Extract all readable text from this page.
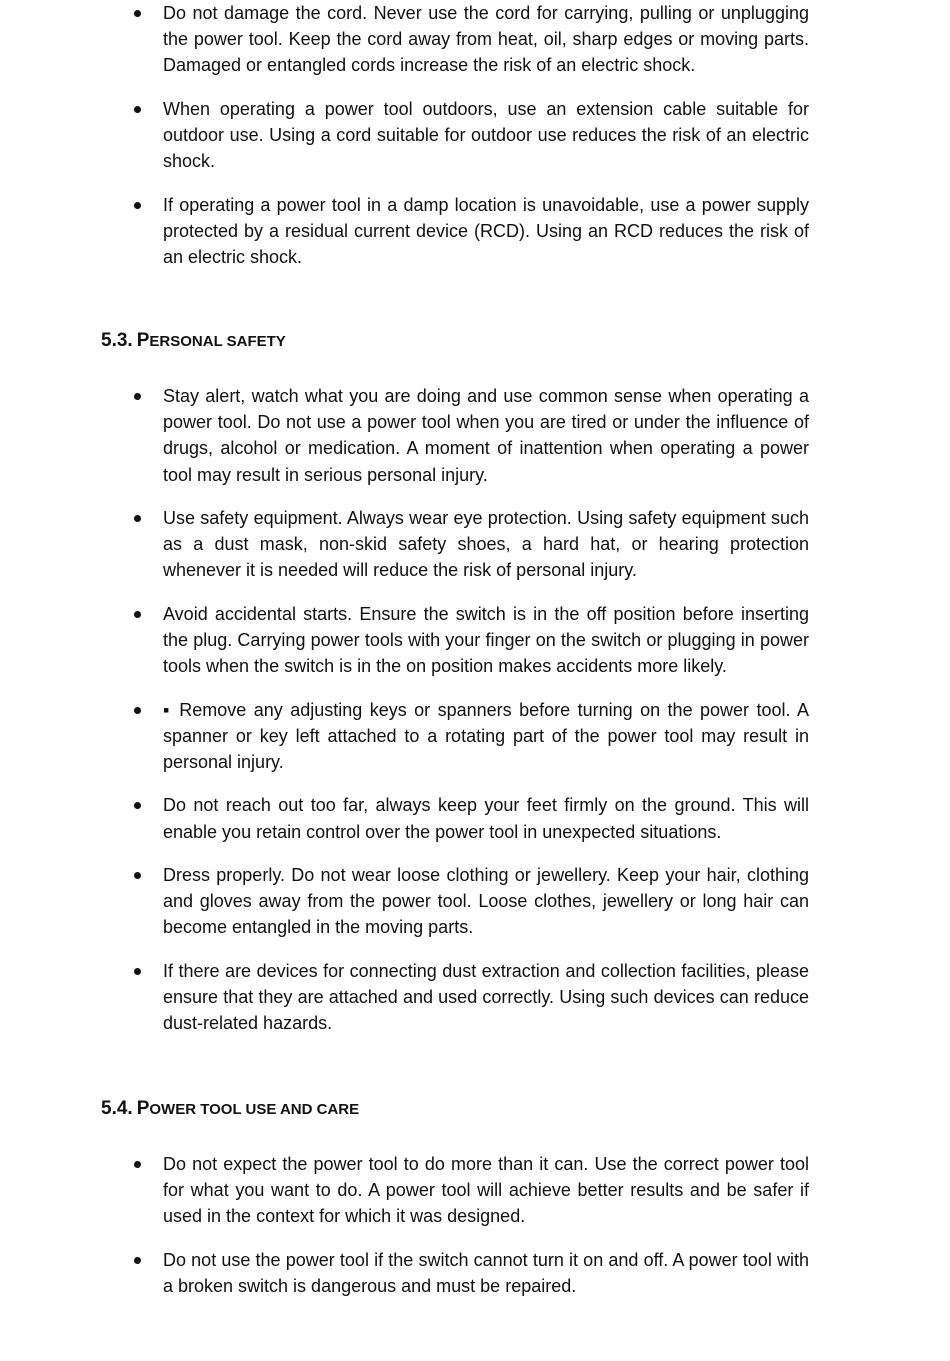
Do not damage the cord. Never use the cord for carrying, pulling or unplugging the power tool. Keep the cord away from heat, oil, sharp edges or moving parts. Damaged or entangled cords increase the risk of an electric shock.
When operating a power tool outdoors, use an extension cable suitable for outdoor use. Using a cord suitable for outdoor use reduces the risk of an electric shock.
If operating a power tool in a damp location is unavoidable, use a power supply protected by a residual current device (RCD). Using an RCD reduces the risk of an electric shock.
5.3. PERSONAL SAFETY
Stay alert, watch what you are doing and use common sense when operating a power tool. Do not use a power tool when you are tired or under the influence of drugs, alcohol or medication. A moment of inattention when operating a power tool may result in serious personal injury.
Use safety equipment. Always wear eye protection. Using safety equipment such as a dust mask, non-skid safety shoes, a hard hat, or hearing protection whenever it is needed will reduce the risk of personal injury.
Avoid accidental starts. Ensure the switch is in the off position before inserting the plug. Carrying power tools with your finger on the switch or plugging in power tools when the switch is in the on position makes accidents more likely.
▪ Remove any adjusting keys or spanners before turning on the power tool. A spanner or key left attached to a rotating part of the power tool may result in personal injury.
Do not reach out too far, always keep your feet firmly on the ground. This will enable you retain control over the power tool in unexpected situations.
Dress properly. Do not wear loose clothing or jewellery. Keep your hair, clothing and gloves away from the power tool. Loose clothes, jewellery or long hair can become entangled in the moving parts.
If there are devices for connecting dust extraction and collection facilities, please ensure that they are attached and used correctly. Using such devices can reduce dust-related hazards.
5.4. POWER TOOL USE AND CARE
Do not expect the power tool to do more than it can. Use the correct power tool for what you want to do. A power tool will achieve better results and be safer if used in the context for which it was designed.
Do not use the power tool if the switch cannot turn it on and off. A power tool with a broken switch is dangerous and must be repaired.
